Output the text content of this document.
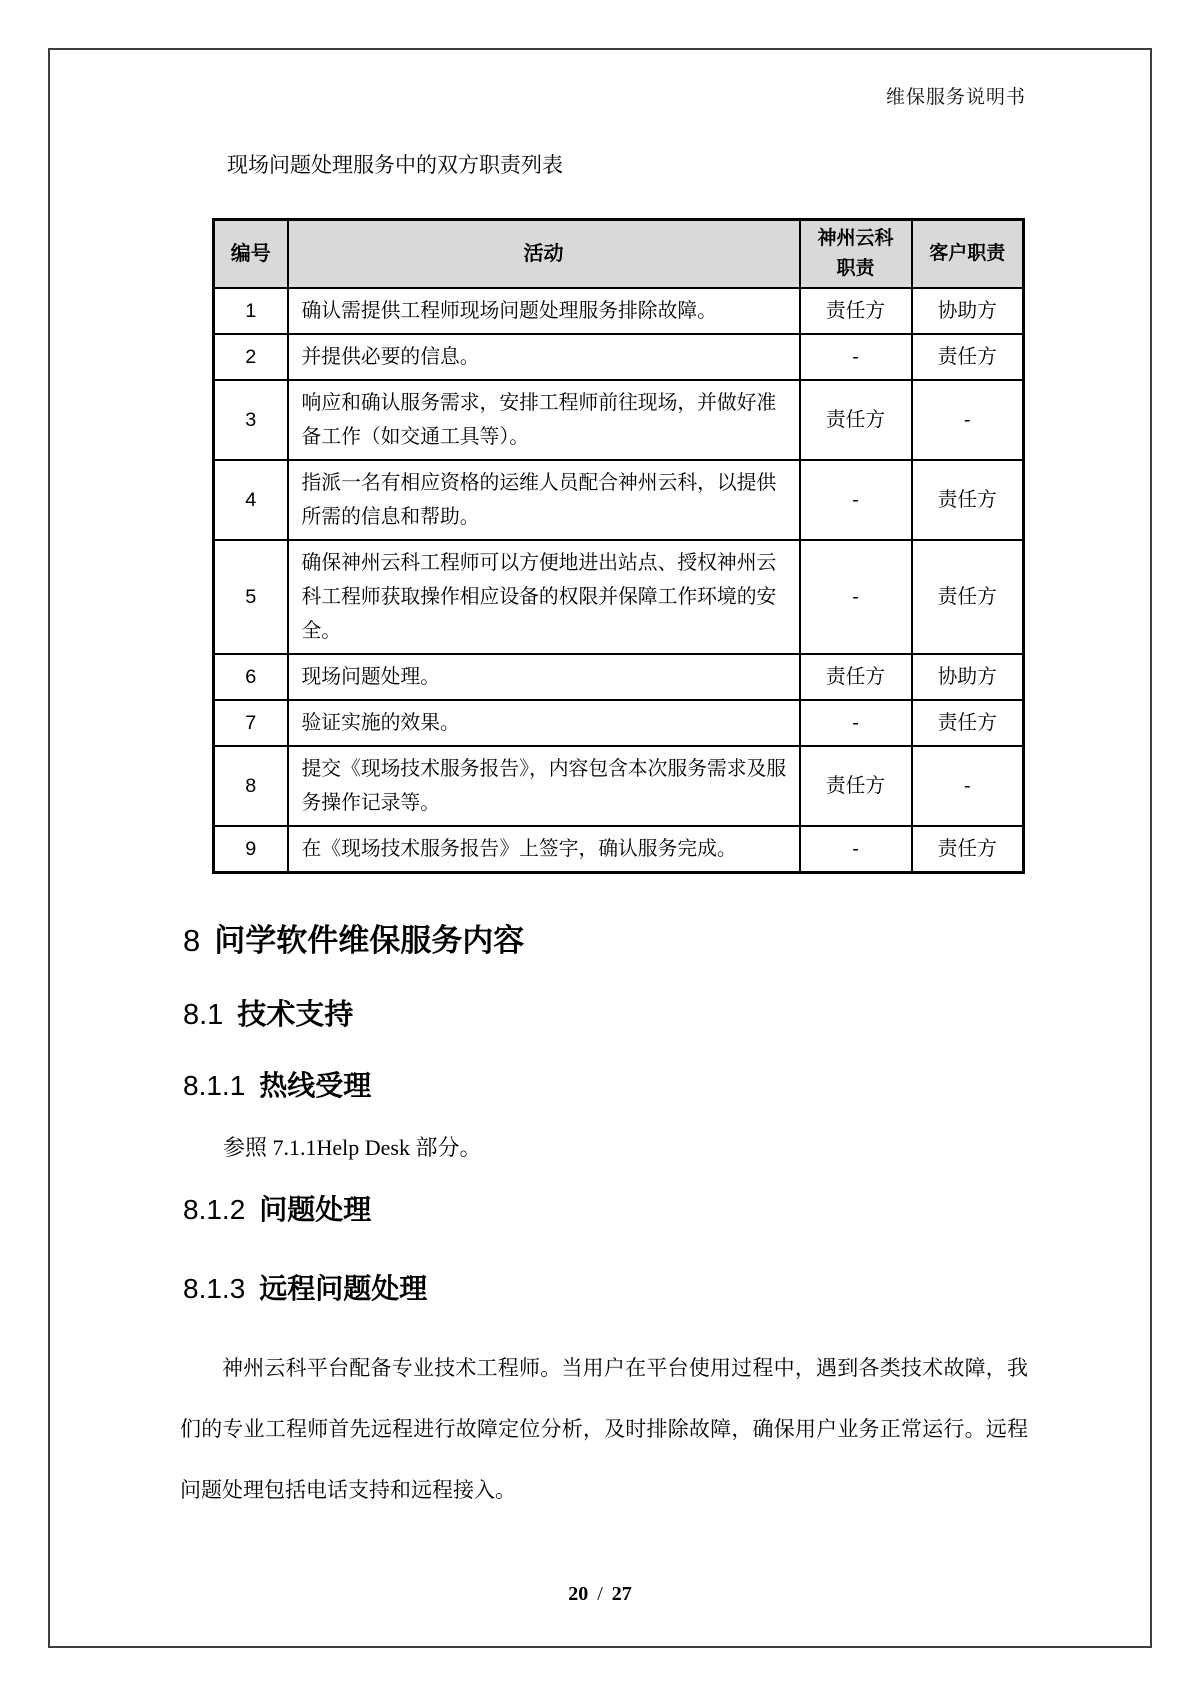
维保服务说明书
现场问题处理服务中的双方职责列表
编号	活动	神州云科职责	客户职责
1	确认需提供工程师现场问题处理服务排除故障。	责任方	协助方
2	并提供必要的信息。	-	责任方
3	响应和确认服务需求，安排工程师前往现场，并做好准备工作（如交通工具等）。	责任方	-
4	指派一名有相应资格的运维人员配合神州云科，以提供所需的信息和帮助。	-	责任方
5	确保神州云科工程师可以方便地进出站点、授权神州云科工程师获取操作相应设备的权限并保障工作环境的安全。	-	责任方
6	现场问题处理。	责任方	协助方
7	验证实施的效果。	-	责任方
8	提交《现场技术服务报告》，内容包含本次服务需求及服务操作记录等。	责任方	-
9	在《现场技术服务报告》上签字，确认服务完成。	-	责任方
8 问学软件维保服务内容
8.1 技术支持
8.1.1 热线受理
参照 7.1.1Help Desk 部分。
8.1.2 问题处理
8.1.3 远程问题处理
神州云科平台配备专业技术工程师。当用户在平台使用过程中，遇到各类技术故障，我们的专业工程师首先远程进行故障定位分析，及时排除故障，确保用户业务正常运行。远程问题处理包括电话支持和远程接入。
20 / 27
